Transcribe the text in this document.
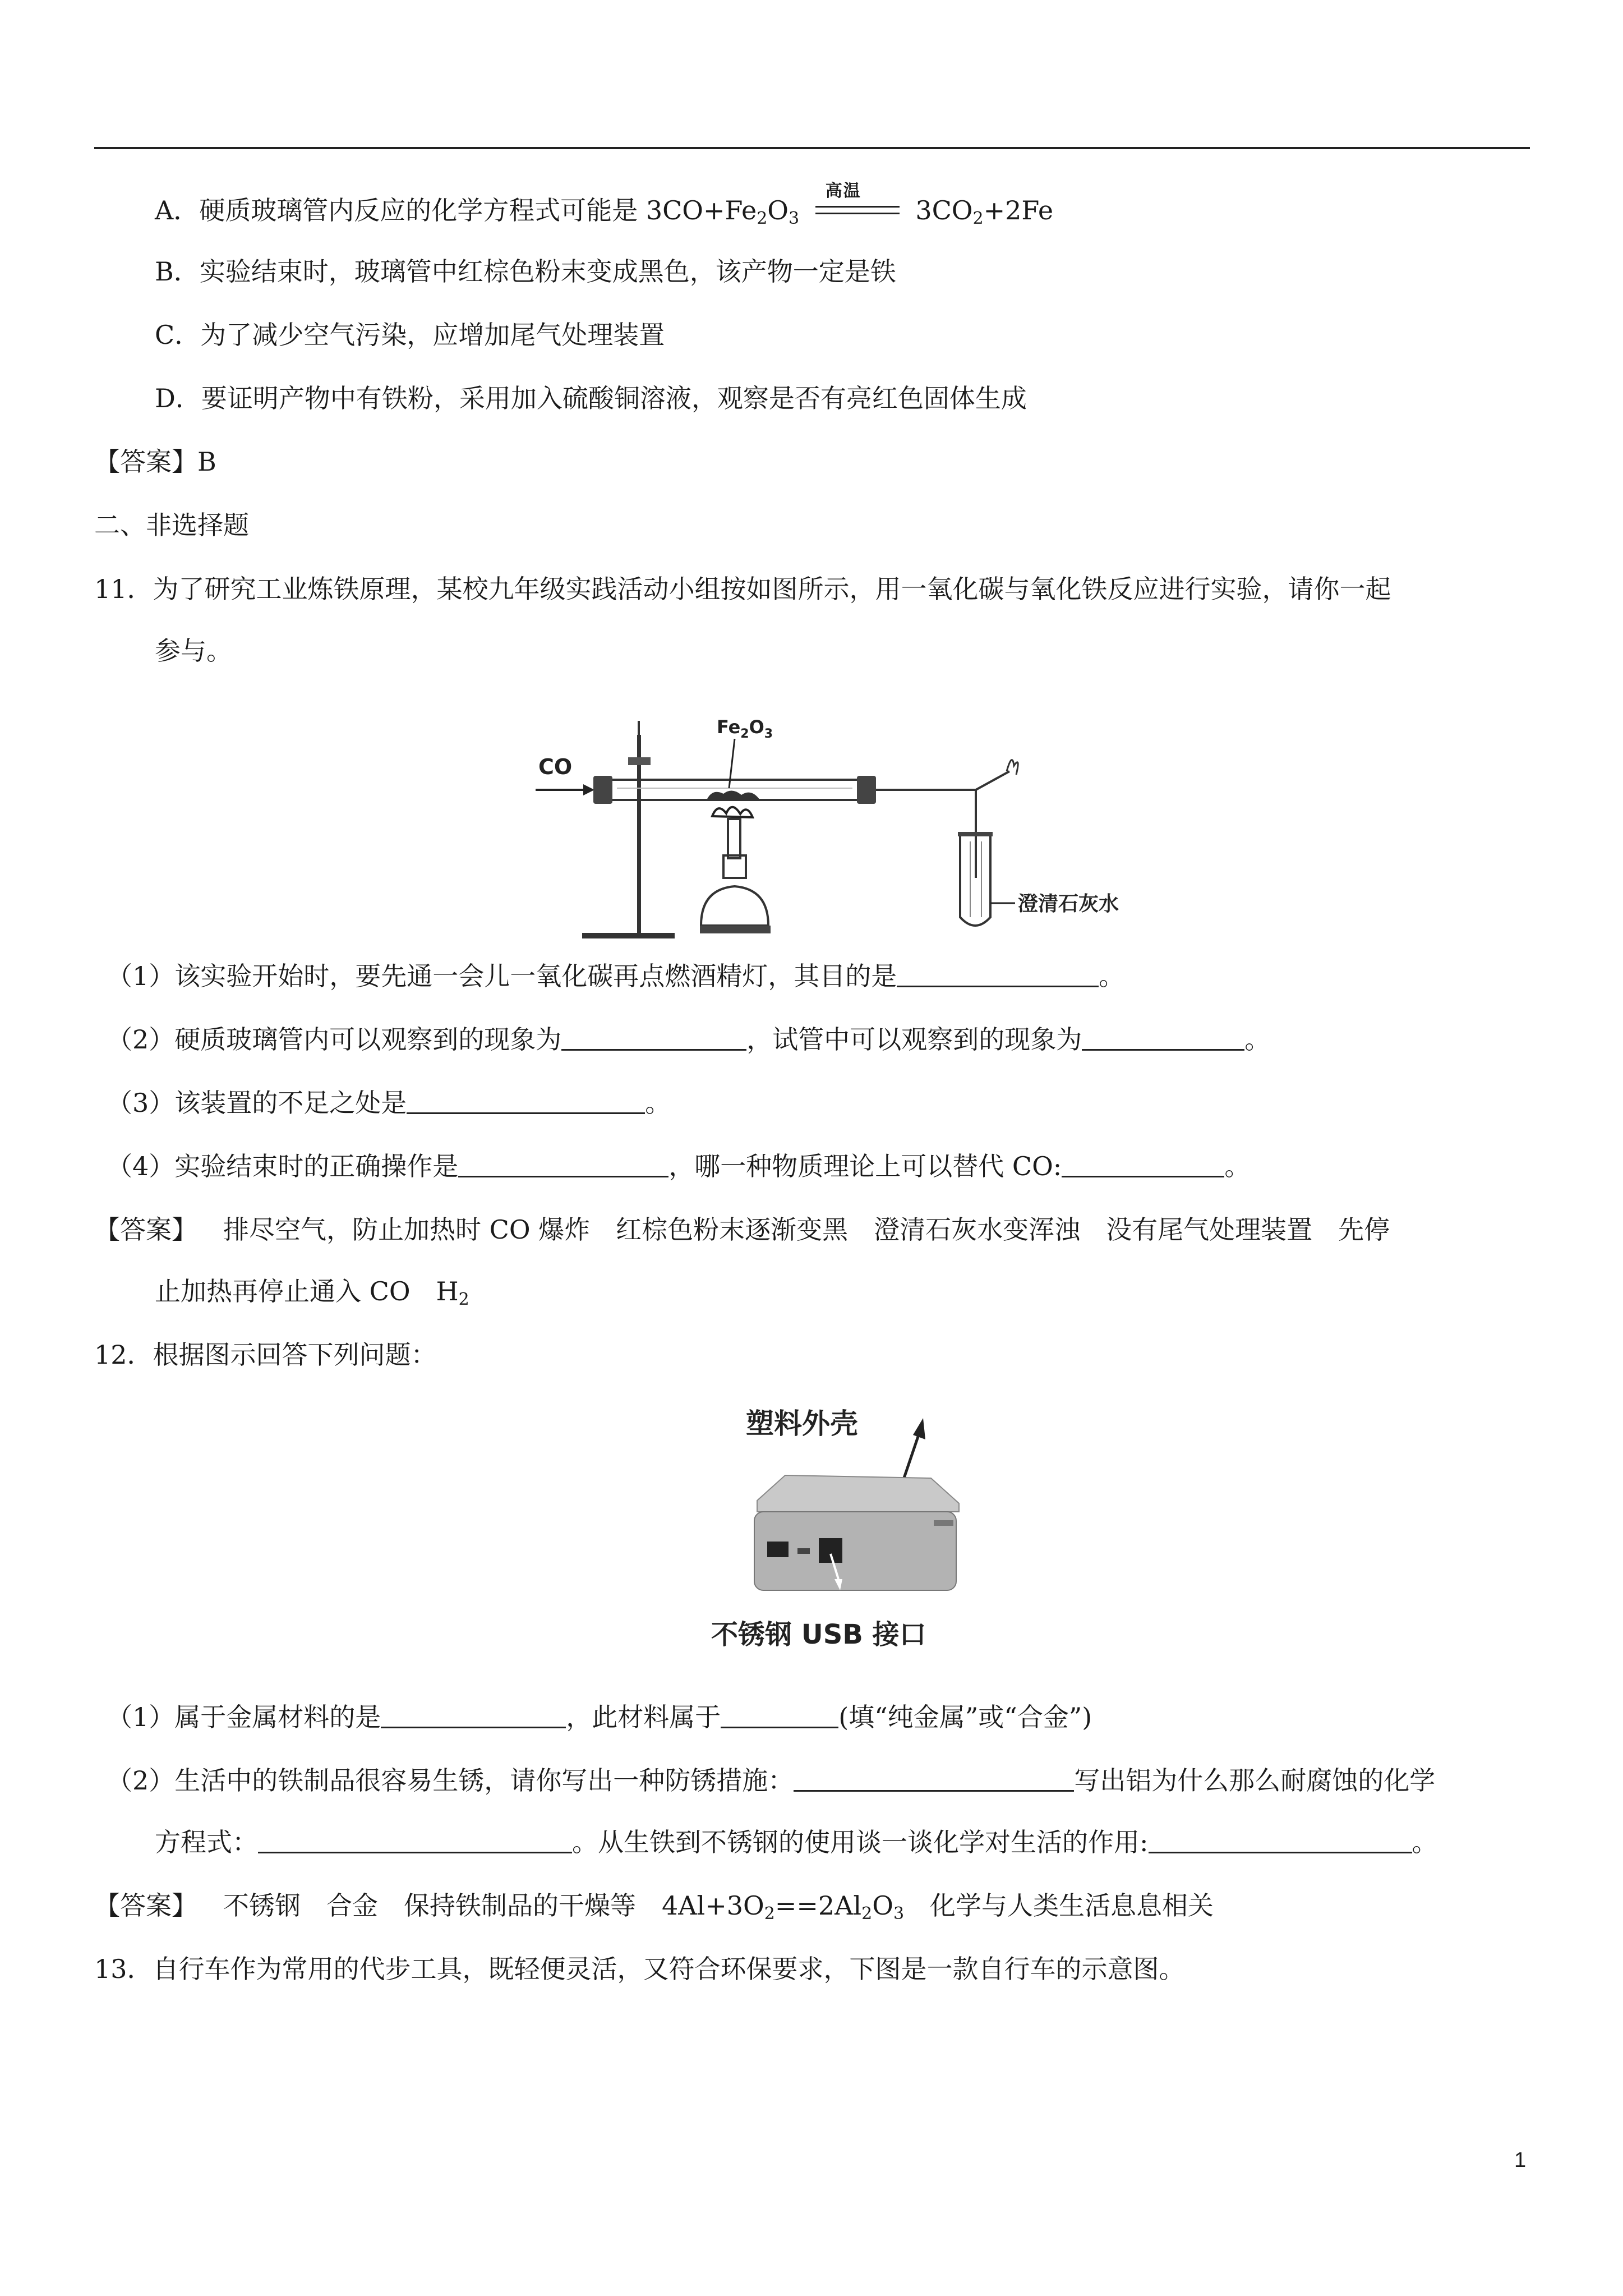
A．硬质玻璃管内反应的化学方程式可能是 $3CO+Fe_2O_3$
高温
$3CO_2+2Fe$
B．实验结束时，玻璃管中红棕色粉末变成黑色，该产物一定是铁
C．为了减少空气污染，应增加尾气处理装置
D．要证明产物中有铁粉，采用加入硫酸铜溶液，观察是否有亮红色固体生成
【答案】B
二、非选择题
11．为了研究工业炼铁原理，某校九年级实践活动小组按如图所示，用一氧化碳与氧化铁反应进行实验，请你一起
参与。
CO
$Fe_2O_3$
澄清石灰水
（1）该实验开始时，要先通一会儿一氧化碳再点燃酒精灯，其目的是	。
（2）硬质玻璃管内可以观察到的现象为	，试管中可以观察到的现象为	。
（3）该装置的不足之处是	。
（4）实验结束时的正确操作是	，哪一种物质理论上可以替代 CO:	。
【答案】 排尽空气，防止加热时 CO 爆炸 红棕色粉末逐渐变黑 澄清石灰水变浑浊 没有尾气处理装置 先停
止加热再停止通入 CO $H_2$
12．根据图示回答下列问题：
塑料外壳
不锈钢 USB 接口
（1）属于金属材料的是	，此材料属于	(填“纯金属”或“合金”)
（2）生活中的铁制品很容易生锈，请你写出一种防锈措施：	写出铝为什么那么耐腐蚀的化学
方程式：	。从生铁到不锈钢的使用谈一谈化学对生活的作用:	。
【答案】 不锈钢 合金 保持铁制品的干燥等 $4Al+3O_2==2Al_2O_3$ 化学与人类生活息息相关
13．自行车作为常用的代步工具，既轻便灵活，又符合环保要求，下图是一款自行车的示意图。
1
